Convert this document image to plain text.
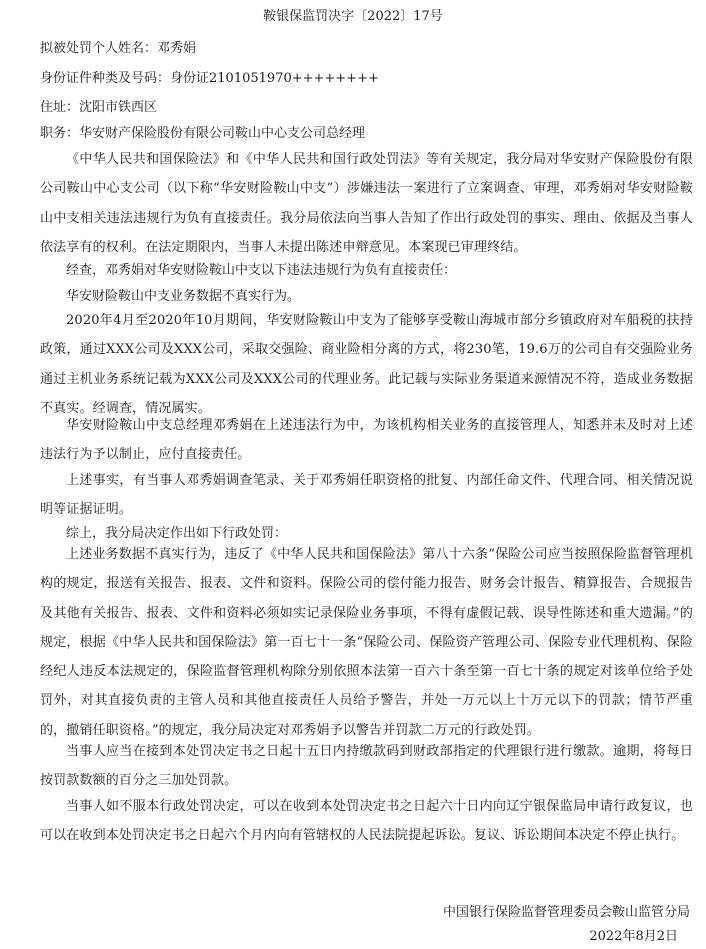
鞍银保监罚决字〔2022〕17号
拟被处罚个人姓名：邓秀娟
身份证件种类及号码：身份证2101051970++++++++
住址：沈阳市铁西区
职务：华安财产保险股份有限公司鞍山中心支公司总经理
《中华人民共和国保险法》和《中华人民共和国行政处罚法》等有关规定，我分局对华安财产保险股份有限公司鞍山中心支公司（以下称“华安财险鞍山中支”）涉嫌违法一案进行了立案调查、审理，邓秀娟对华安财险鞍山中支相关违法违规行为负有直接责任。我分局依法向当事人告知了作出行政处罚的事实、理由、依据及当事人依法享有的权利。在法定期限内，当事人未提出陈述申辩意见。本案现已审理终结。
经查，邓秀娟对华安财险鞍山中支以下违法违规行为负有直接责任：
华安财险鞍山中支业务数据不真实行为。
2020年4月至2020年10月期间，华安财险鞍山中支为了能够享受鞍山海城市部分乡镇政府对车船税的扶持政策，通过XXX公司及XXX公司，采取交强险、商业险相分离的方式，将230笔，19.6万的公司自有交强险业务通过主机业务系统记载为XXX公司及XXX公司的代理业务。此记载与实际业务渠道来源情况不符，造成业务数据不真实。经调查，情况属实。
华安财险鞍山中支总经理邓秀娟在上述违法行为中，为该机构相关业务的直接管理人，知悉并未及时对上述违法行为予以制止，应付直接责任。
上述事实，有当事人邓秀娟调查笔录、关于邓秀娟任职资格的批复、内部任命文件、代理合同、相关情况说明等证据证明。
综上，我分局决定作出如下行政处罚：
上述业务数据不真实行为，违反了《中华人民共和国保险法》第八十六条“保险公司应当按照保险监督管理机构的规定，报送有关报告、报表、文件和资料。保险公司的偿付能力报告、财务会计报告、精算报告、合规报告及其他有关报告、报表、文件和资料必须如实记录保险业务事项，不得有虚假记载、误导性陈述和重大遗漏。”的规定，根据《中华人民共和国保险法》第一百七十一条“保险公司、保险资产管理公司、保险专业代理机构、保险经纪人违反本法规定的，保险监督管理机构除分别依照本法第一百六十条至第一百七十条的规定对该单位给予处罚外，对其直接负责的主管人员和其他直接责任人员给予警告，并处一万元以上十万元以下的罚款；情节严重的，撤销任职资格。”的规定，我分局决定对邓秀娟予以警告并罚款二万元的行政处罚。
当事人应当在接到本处罚决定书之日起十五日内持缴款码到财政部指定的代理银行进行缴款。逾期，将每日按罚款数额的百分之三加处罚款。
当事人如不服本行政处罚决定，可以在收到本处罚决定书之日起六十日内向辽宁银保监局申请行政复议，也可以在收到本处罚决定书之日起六个月内向有管辖权的人民法院提起诉讼。复议、诉讼期间本决定不停止执行。
中国银行保险监督管理委员会鞍山监管分局
2022年8月2日
